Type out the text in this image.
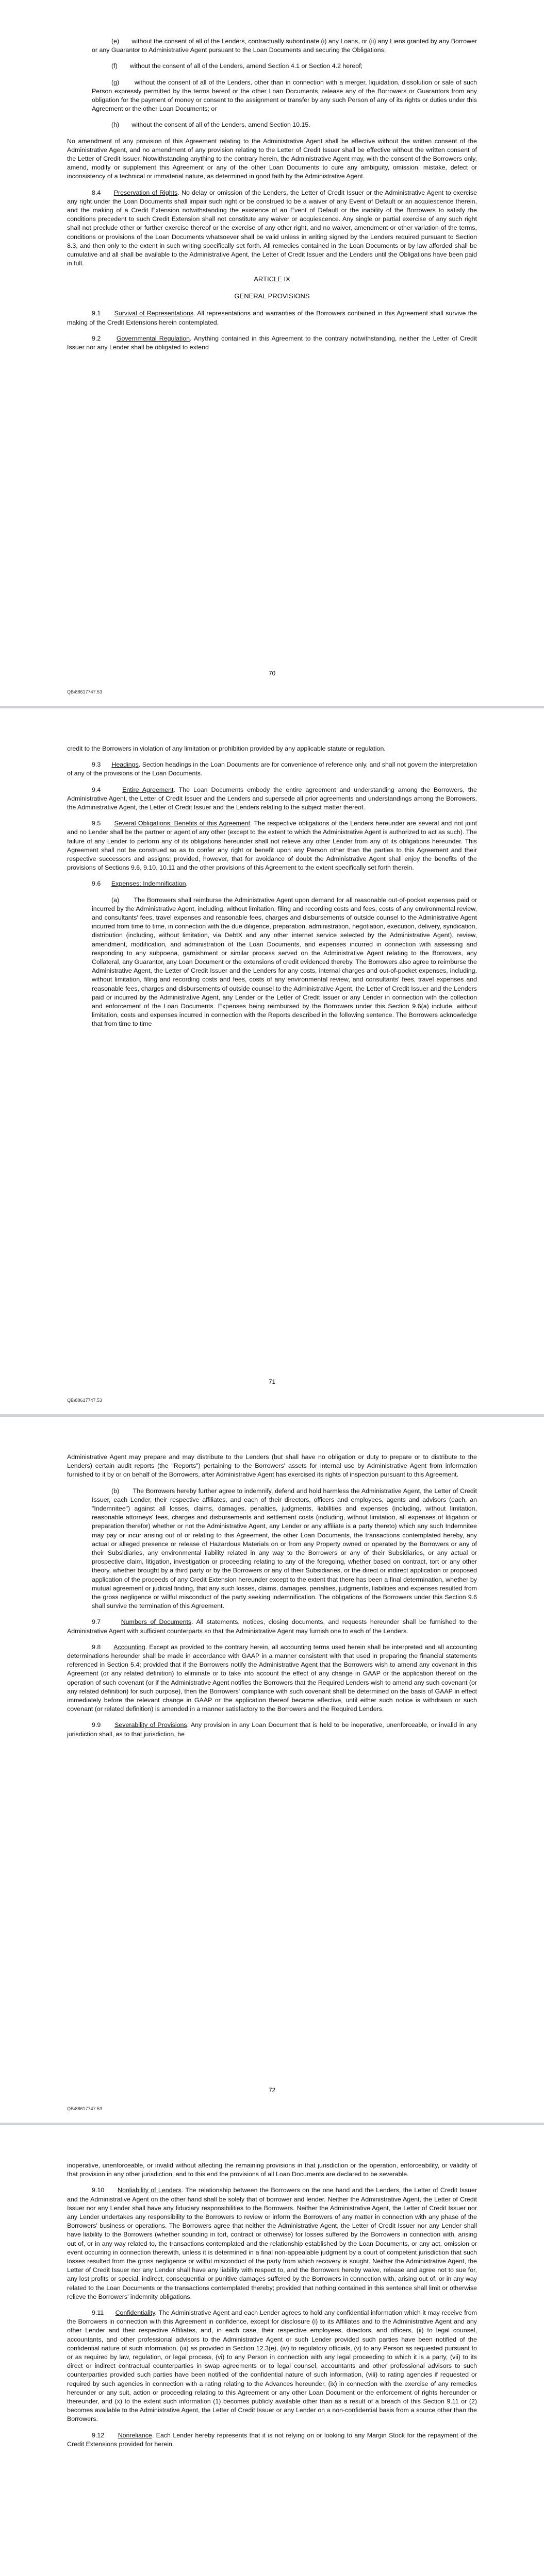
(e) without the consent of all of the Lenders, contractually subordinate (i) any Loans, or (ii) any Liens granted by any Borrower or any Guarantor to Administrative Agent pursuant to the Loan Documents and securing the Obligations;

(f) without the consent of all of the Lenders, amend Section 4.1 or Section 4.2 hereof;

(g) without the consent of all of the Lenders, other than in connection with a merger, liquidation, dissolution or sale of such Person expressly permitted by the terms hereof or the other Loan Documents, release any of the Borrowers or Guarantors from any obligation for the payment of money or consent to the assignment or transfer by any such Person of any of its rights or duties under this Agreement or the other Loan Documents; or

(h) without the consent of all of the Lenders, amend Section 10.15.

No amendment of any provision of this Agreement relating to the Administrative Agent shall be effective without the written consent of the Administrative Agent, and no amendment of any provision relating to the Letter of Credit Issuer shall be effective without the written consent of the Letter of Credit Issuer. Notwithstanding anything to the contrary herein, the Administrative Agent may, with the consent of the Borrowers only, amend, modify or supplement this Agreement or any of the other Loan Documents to cure any ambiguity, omission, mistake, defect or inconsistency of a technical or immaterial nature, as determined in good faith by the Administrative Agent.

8.4 Preservation of Rights. No delay or omission of the Lenders, the Letter of Credit Issuer or the Administrative Agent to exercise any right under the Loan Documents shall impair such right or be construed to be a waiver of any Event of Default or an acquiescence therein, and the making of a Credit Extension notwithstanding the existence of an Event of Default or the inability of the Borrowers to satisfy the conditions precedent to such Credit Extension shall not constitute any waiver or acquiescence. Any single or partial exercise of any such right shall not preclude other or further exercise thereof or the exercise of any other right, and no waiver, amendment or other variation of the terms, conditions or provisions of the Loan Documents whatsoever shall be valid unless in writing signed by the Lenders required pursuant to Section 8.3, and then only to the extent in such writing specifically set forth. All remedies contained in the Loan Documents or by law afforded shall be cumulative and all shall be available to the Administrative Agent, the Letter of Credit Issuer and the Lenders until the Obligations have been paid in full.

ARTICLE IX

GENERAL PROVISIONS

9.1 Survival of Representations. All representations and warranties of the Borrowers contained in this Agreement shall survive the making of the Credit Extensions herein contemplated.

9.2 Governmental Regulation. Anything contained in this Agreement to the contrary notwithstanding, neither the Letter of Credit Issuer nor any Lender shall be obligated to extend

70
QB\88617747.53

credit to the Borrowers in violation of any limitation or prohibition provided by any applicable statute or regulation.

9.3 Headings. Section headings in the Loan Documents are for convenience of reference only, and shall not govern the interpretation of any of the provisions of the Loan Documents.

9.4	Entire Agreement. The Loan Documents embody the entire agreement and understanding among the Borrowers, the Administrative Agent, the Letter of Credit Issuer and the Lenders and supersede all prior agreements and understandings among the Borrowers, the Administrative Agent, the Letter of Credit Issuer and the Lenders relating to the subject matter thereof.

9.5 Several Obligations; Benefits of this Agreement. The respective obligations of the Lenders hereunder are several and not joint and no Lender shall be the partner or agent of any other (except to the extent to which the Administrative Agent is authorized to act as such). The failure of any Lender to perform any of its obligations hereunder shall not relieve any other Lender from any of its obligations hereunder. This Agreement shall not be construed so as to confer any right or benefit upon any Person other than the parties to this Agreement and their respective successors and assigns; provided, however, that for avoidance of doubt the Administrative Agent shall enjoy the benefits of the provisions of Sections 9.6, 9.10, 10.11 and the other provisions of this Agreement to the extent specifically set forth therein.

9.6 Expenses; Indemnification.

(a) The Borrowers shall reimburse the Administrative Agent upon demand for all reasonable out-of-pocket expenses paid or incurred by the Administrative Agent, including, without limitation, filing and recording costs and fees, costs of any environmental review, and consultants' fees, travel expenses and reasonable fees, charges and disbursements of outside counsel to the Administrative Agent incurred from time to time, in connection with the due diligence, preparation, administration, negotiation, execution, delivery, syndication, distribution (including, without limitation, via DebtX and any other internet service selected by the Administrative Agent), review, amendment, modification, and administration of the Loan Documents, and expenses incurred in connection with assessing and responding to any subpoena, garnishment or similar process served on the Administrative Agent relating to the Borrowers, any Collateral, any Guarantor, any Loan Document or the extensions of credit evidenced thereby. The Borrowers also agree to reimburse the Administrative Agent, the Letter of Credit Issuer and the Lenders for any costs, internal charges and out-of-pocket expenses, including, without limitation, filing and recording costs and fees, costs of any environmental review, and consultants' fees, travel expenses and reasonable fees, charges and disbursements of outside counsel to the Administrative Agent, the Letter of Credit Issuer and the Lenders paid or incurred by the Administrative Agent, any Lender or the Letter of Credit Issuer or any Lender in connection with the collection and enforcement of the Loan Documents. Expenses being reimbursed by the Borrowers under this Section 9.6(a) include, without limitation, costs and expenses incurred in connection with the Reports described in the following sentence. The Borrowers acknowledge that from time to time

71
QB\88617747.53

Administrative Agent may prepare and may distribute to the Lenders (but shall have no obligation or duty to prepare or to distribute to the Lenders) certain audit reports (the "Reports") pertaining to the Borrowers' assets for internal use by Administrative Agent from information furnished to it by or on behalf of the Borrowers, after Administrative Agent has exercised its rights of inspection pursuant to this Agreement.

(b) The Borrowers hereby further agree to indemnify, defend and hold harmless the Administrative Agent, the Letter of Credit Issuer, each Lender, their respective affiliates, and each of their directors, officers and employees, agents and advisors (each, an "Indemnitee") against all losses, claims, damages, penalties, judgments, liabilities and expenses (including, without limitation, reasonable attorneys' fees, charges and disbursements and settlement costs (including, without limitation, all expenses of litigation or preparation therefor) whether or not the Administrative Agent, any Lender or any affiliate is a party thereto) which any such Indemnitee may pay or incur arising out of or relating to this Agreement, the other Loan Documents, the transactions contemplated hereby, any actual or alleged presence or release of Hazardous Materials on or from any Property owned or operated by the Borrowers or any of their Subsidiaries, any environmental liability related in any way to the Borrowers or any of their Subsidiaries, or any actual or prospective claim, litigation, investigation or proceeding relating to any of the foregoing, whether based on contract, tort or any other theory, whether brought by a third party or by the Borrowers or any of their Subsidiaries, or the direct or indirect application or proposed application of the proceeds of any Credit Extension hereunder except to the extent that there has been a final determination, whether by mutual agreement or judicial finding, that any such losses, claims, damages, penalties, judgments, liabilities and expenses resulted from the gross negligence or willful misconduct of the party seeking indemnification. The obligations of the Borrowers under this Section 9.6 shall survive the termination of this Agreement.

9.7	Numbers of Documents. All statements, notices, closing documents, and requests hereunder shall be furnished to the Administrative Agent with sufficient counterparts so that the Administrative Agent may furnish one to each of the Lenders.

9.8 Accounting. Except as provided to the contrary herein, all accounting terms used herein shall be interpreted and all accounting determinations hereunder shall be made in accordance with GAAP in a manner consistent with that used in preparing the financial statements referenced in Section 5.4; provided that if the Borrowers notify the Administrative Agent that the Borrowers wish to amend any covenant in this Agreement (or any related definition) to eliminate or to take into account the effect of any change in GAAP or the application thereof on the operation of such covenant (or if the Administrative Agent notifies the Borrowers that the Required Lenders wish to amend any such covenant (or any related definition) for such purpose), then the Borrowers' compliance with such covenant shall be determined on the basis of GAAP in effect immediately before the relevant change in GAAP or the application thereof became effective, until either such notice is withdrawn or such covenant (or related definition) is amended in a manner satisfactory to the Borrowers and the Required Lenders.

9.9 Severability of Provisions. Any provision in any Loan Document that is held to be inoperative, unenforceable, or invalid in any jurisdiction shall, as to that jurisdiction, be

72
QB\88617747.53

inoperative, unenforceable, or invalid without affecting the remaining provisions in that jurisdiction or the operation, enforceability, or validity of that provision in any other jurisdiction, and to this end the provisions of all Loan Documents are declared to be severable.

9.10 Nonliability of Lenders. The relationship between the Borrowers on the one hand and the Lenders, the Letter of Credit Issuer and the Administrative Agent on the other hand shall be solely that of borrower and lender. Neither the Administrative Agent, the Letter of Credit Issuer nor any Lender shall have any fiduciary responsibilities to the Borrowers. Neither the Administrative Agent, the Letter of Credit Issuer nor any Lender undertakes any responsibility to the Borrowers to review or inform the Borrowers of any matter in connection with any phase of the Borrowers' business or operations. The Borrowers agree that neither the Administrative Agent, the Letter of Credit Issuer nor any Lender shall have liability to the Borrowers (whether sounding in tort, contract or otherwise) for losses suffered by the Borrowers in connection with, arising out of, or in any way related to, the transactions contemplated and the relationship established by the Loan Documents, or any act, omission or event occurring in connection therewith, unless it is determined in a final non-appealable judgment by a court of competent jurisdiction that such losses resulted from the gross negligence or willful misconduct of the party from which recovery is sought. Neither the Administrative Agent, the Letter of Credit Issuer nor any Lender shall have any liability with respect to, and the Borrowers hereby waive, release and agree not to sue for, any lost profits or special, indirect, consequential or punitive damages suffered by the Borrowers in connection with, arising out of, or in any way related to the Loan Documents or the transactions contemplated thereby; provided that nothing contained in this sentence shall limit or otherwise relieve the Borrowers' indemnity obligations.

9.11 Confidentiality. The Administrative Agent and each Lender agrees to hold any confidential information which it may receive from the Borrowers in connection with this Agreement in confidence, except for disclosure (i) to its Affiliates and to the Administrative Agent and any other Lender and their respective Affiliates, and, in each case, their respective employees, directors, and officers, (ii) to legal counsel, accountants, and other professional advisors to the Administrative Agent or such Lender provided such parties have been notified of the confidential nature of such information, (iii) as provided in Section 12.3(e), (iv) to regulatory officials, (v) to any Person as requested pursuant to or as required by law, regulation, or legal process, (vi) to any Person in connection with any legal proceeding to which it is a party, (vii) to its direct or indirect contractual counterparties in swap agreements or to legal counsel, accountants and other professional advisors to such counterparties provided such parties have been notified of the confidential nature of such information, (viii) to rating agencies if requested or required by such agencies in connection with a rating relating to the Advances hereunder, (ix) in connection with the exercise of any remedies hereunder or any suit, action or proceeding relating to this Agreement or any other Loan Document or the enforcement of rights hereunder or thereunder, and (x) to the extent such information (1) becomes publicly available other than as a result of a breach of this Section 9.11 or (2) becomes available to the Administrative Agent, the Letter of Credit Issuer or any Lender on a non-confidential basis from a source other than the Borrowers.

9.12 Nonreliance. Each Lender hereby represents that it is not relying on or looking to any Margin Stock for the repayment of the Credit Extensions provided for herein.
